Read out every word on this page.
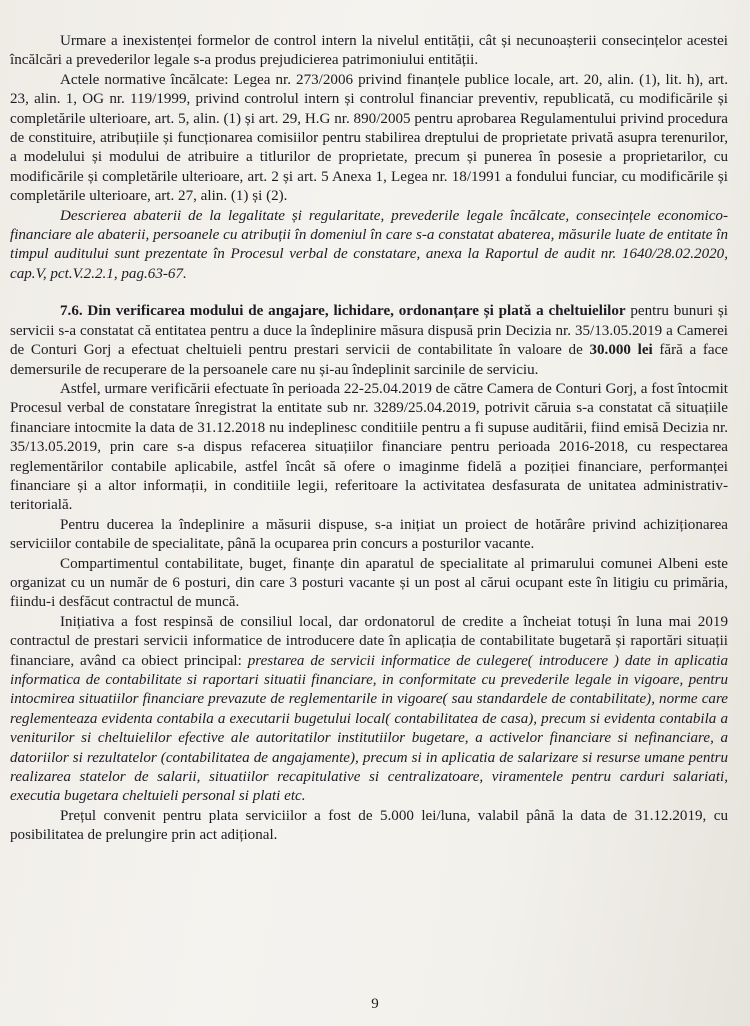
Urmare a inexistenței formelor de control intern la nivelul entității, cât și necunoașterii consecințelor acestei încălcări a prevederilor legale s-a produs prejudicierea patrimoniului entității.

Actele normative încălcate: Legea nr. 273/2006 privind finanțele publice locale, art. 20, alin. (1), lit. h), art. 23, alin. 1, OG nr. 119/1999, privind controlul intern și controlul financiar preventiv, republicată, cu modificările și completările ulterioare, art. 5, alin. (1) și art. 29, H.G nr. 890/2005 pentru aprobarea Regulamentului privind procedura de constituire, atribuțiile și funcționarea comisiilor pentru stabilirea dreptului de proprietate privată asupra terenurilor, a modelului și modului de atribuire a titlurilor de proprietate, precum și punerea în posesie a proprietarilor, cu modificările și completările ulterioare, art. 2 și art. 5 Anexa 1, Legea nr. 18/1991 a fondului funciar, cu modificările și completările ulterioare, art. 27, alin. (1) și (2).

Descrierea abaterii de la legalitate și regularitate, prevederile legale încălcate, consecințele economico-financiare ale abaterii, persoanele cu atribuții în domeniul în care s-a constatat abaterea, măsurile luate de entitate în timpul auditului sunt prezentate în Procesul verbal de constatare, anexa la Raportul de audit nr. 1640/28.02.2020, cap.V, pct.V.2.2.1, pag.63-67.

7.6. Din verificarea modului de angajare, lichidare, ordonanțare și plată a cheltuielilor pentru bunuri și servicii s-a constatat că entitatea pentru a duce la îndeplinire măsura dispusă prin Decizia nr. 35/13.05.2019 a Camerei de Conturi Gorj a efectuat cheltuieli pentru prestari servicii de contabilitate în valoare de 30.000 lei fără a face demersurile de recuperare de la persoanele care nu și-au îndeplinit sarcinile de serviciu.

Astfel, urmare verificării efectuate în perioada 22-25.04.2019 de către Camera de Conturi Gorj, a fost întocmit Procesul verbal de constatare înregistrat la entitate sub nr. 3289/25.04.2019, potrivit căruia s-a constatat că situațiile financiare intocmite la data de 31.12.2018 nu indeplinesc conditiile pentru a fi supuse auditării, fiind emisă Decizia nr. 35/13.05.2019, prin care s-a dispus refacerea situațiilor financiare pentru perioada 2016-2018, cu respectarea reglementărilor contabile aplicabile, astfel încât să ofere o imaginme fidelă a poziției financiare, performanței financiare și a altor informații, in conditiile legii, referitoare la activitatea desfasurata de unitatea administrativ-teritorială.

Pentru ducerea la îndeplinire a măsurii dispuse, s-a inițiat un proiect de hotărâre privind achiziționarea serviciilor contabile de specialitate, până la ocuparea prin concurs a posturilor vacante.

Compartimentul contabilitate, buget, finanțe din aparatul de specialitate al primarului comunei Albeni este organizat cu un număr de 6 posturi, din care 3 posturi vacante și un post al cărui ocupant este în litigiu cu primăria, fiindu-i desfăcut contractul de muncă.

Inițiativa a fost respinsă de consiliul local, dar ordonatorul de credite a încheiat totuși în luna mai 2019 contractul de prestari servicii informatice de introducere date în aplicația de contabilitate bugetară și raportări situații financiare, având ca obiect principal: prestarea de servicii informatice de culegere( introducere ) date in aplicatia informatica de contabilitate si raportari situatii financiare, in conformitate cu prevederile legale in vigoare, pentru intocmirea situatiilor financiare prevazute de reglementarile in vigoare( sau standardele de contabilitate), norme care reglementeaza evidenta contabila a executarii bugetului local( contabilitatea de casa), precum si evidenta contabila a veniturilor si cheltuielilor efective ale autoritatilor institutiilor bugetare, a activelor financiare si nefinanciare, a datoriilor si rezultatelor (contabilitatea de angajamente), precum si in aplicatia de salarizare si resurse umane pentru realizarea statelor de salarii, situatiilor recapitulative si centralizatoare, viramentele pentru carduri salariati, executia bugetara cheltuieli personal si plati etc.

Prețul convenit pentru plata serviciilor a fost de 5.000 lei/luna, valabil până la data de 31.12.2019, cu posibilitatea de prelungire prin act adițional.

9
